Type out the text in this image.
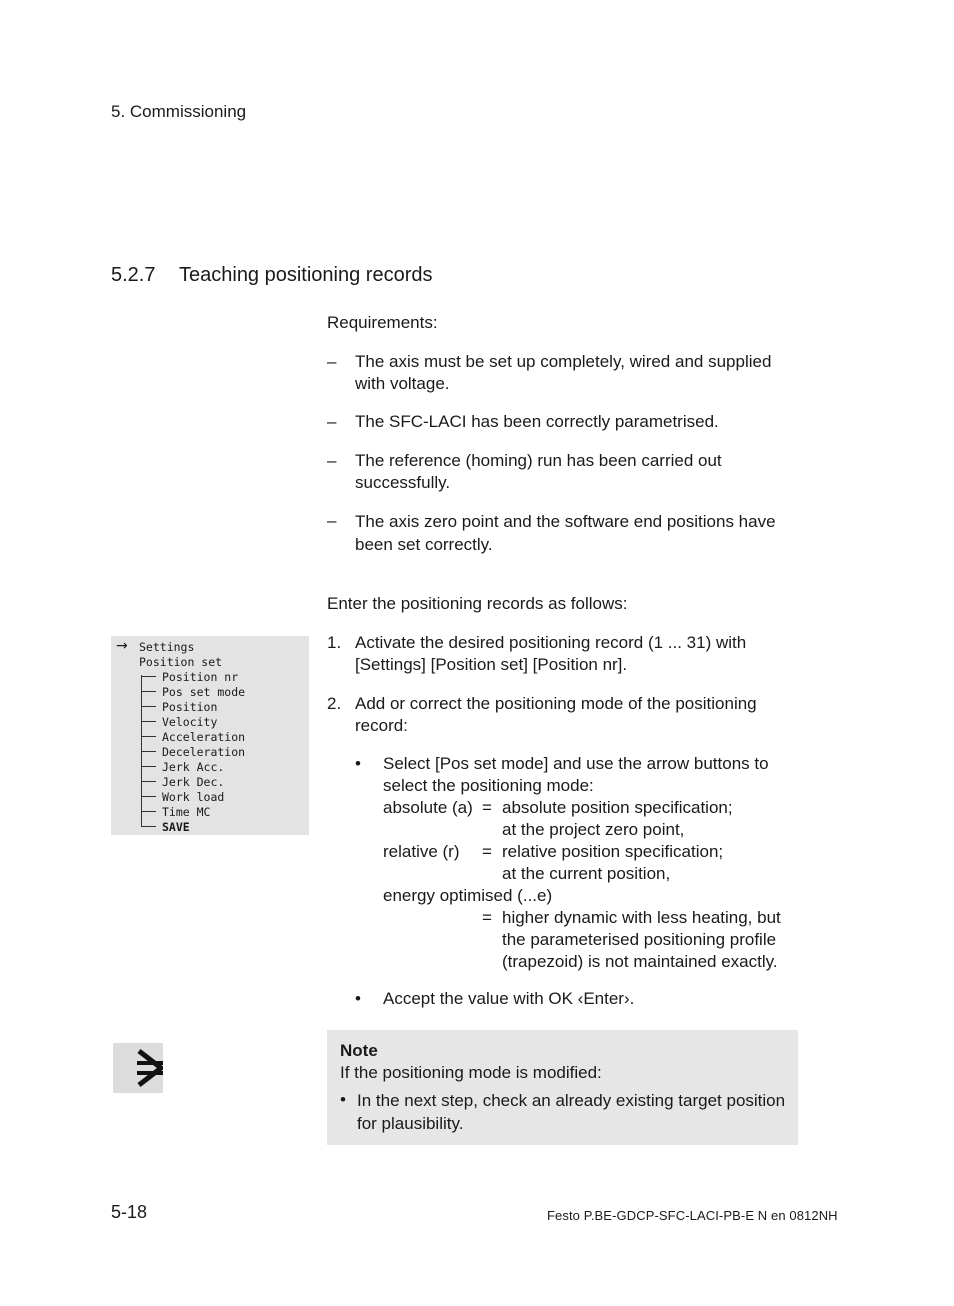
5. Commissioning
5.2.7 Teaching positioning records
Requirements:
– The axis must be set up completely, wired and supplied
with voltage.
– The SFC-LACI has been correctly parametrised.
– The reference (homing) run has been carried out
successfully.
– The axis zero point and the software end positions have
been set correctly.
Enter the positioning records as follows:
1. Activate the desired positioning record (1 ... 31) with
[Settings] [Position set] [Position nr].
2. Add or correct the positioning mode of the positioning
record:
• Select [Pos set mode] and use the arrow buttons to
select the positioning mode:
absolute (a) = absolute position specification;
at the project zero point,
relative (r) = relative position specification;
at the current position,
energy optimised (...e)
= higher dynamic with less heating, but
the parameterised positioning profile
(trapezoid) is not maintained exactly.
• Accept the value with OK ‹Enter›.
→ Settings
Position set
Position nr
Pos set mode
Position
Velocity
Acceleration
Deceleration
Jerk Acc.
Jerk Dec.
Work load
Time MC
SAVE
Note
If the positioning mode is modified:
• In the next step, check an already existing target position
for plausibility.
5-18	Festo P.BE-GDCP-SFC-LACI-PB-E N en 0812NH
